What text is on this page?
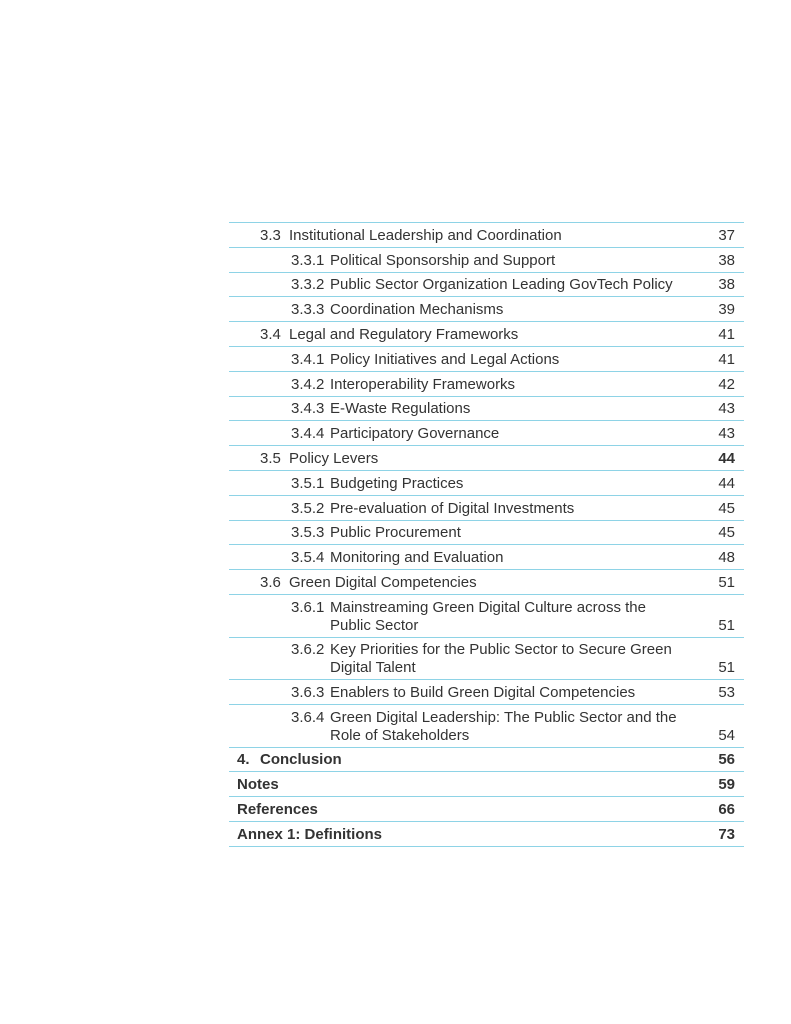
3.3 Institutional Leadership and Coordination	37
3.3.1 Political Sponsorship and Support	38
3.3.2 Public Sector Organization Leading GovTech Policy	38
3.3.3 Coordination Mechanisms	39
3.4 Legal and Regulatory Frameworks	41
3.4.1 Policy Initiatives and Legal Actions	41
3.4.2 Interoperability Frameworks	42
3.4.3 E-Waste Regulations	43
3.4.4 Participatory Governance	43
3.5 Policy Levers	44
3.5.1 Budgeting Practices	44
3.5.2 Pre-evaluation of Digital Investments	45
3.5.3 Public Procurement	45
3.5.4 Monitoring and Evaluation	48
3.6 Green Digital Competencies	51
3.6.1 Mainstreaming Green Digital Culture across the
Public Sector	51
3.6.2 Key Priorities for the Public Sector to Secure Green
Digital Talent	51
3.6.3 Enablers to Build Green Digital Competencies	53
3.6.4 Green Digital Leadership: The Public Sector and the
Role of Stakeholders	54
4. Conclusion	56
Notes	59
References	66
Annex 1: Definitions	73
